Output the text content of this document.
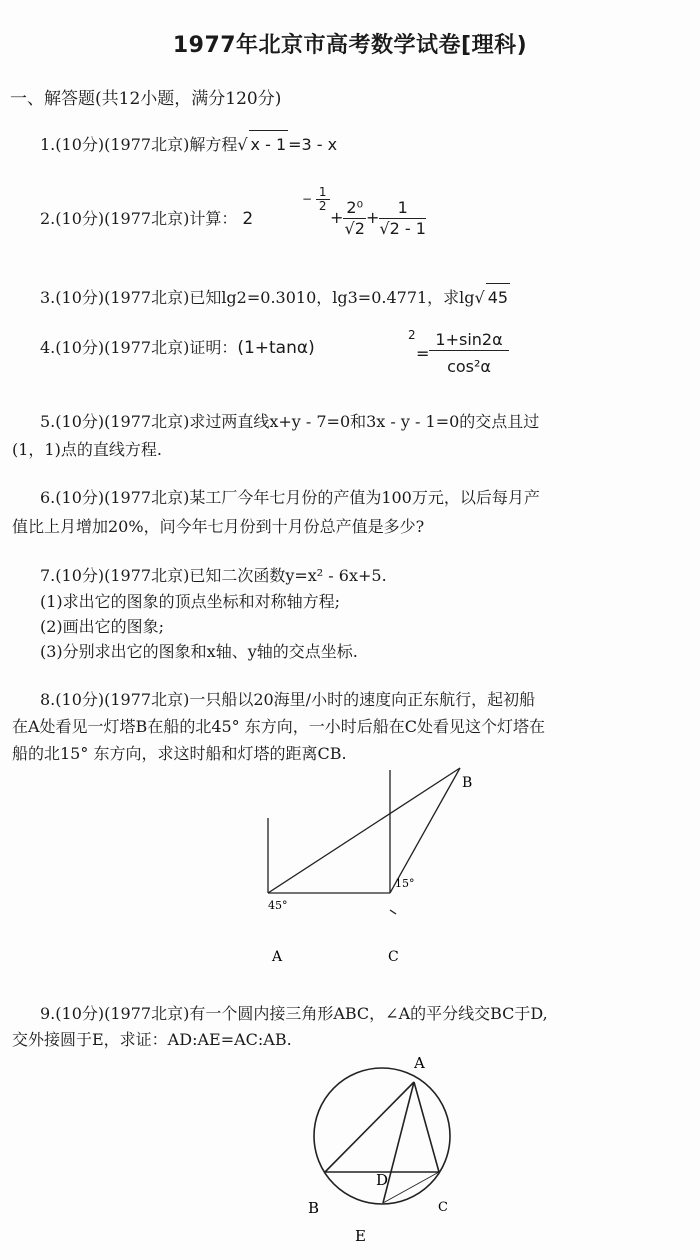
1977年北京市高考数学试卷[理科)
一、解答题(共12小题，满分120分)
1.(10分)(1977北京)解方程√ x - 1 =3 - x
2.(10分)(1977北京)计算： 2
− $\frac{1}{2}$
+ $\frac{\text{2⁰}}{√2} + \frac{1}{√2 - 1}$
3.(10分)(1977北京)已知lg2=0.3010，lg3=0.4771，求lg√ 45
4.(10分)(1977北京)证明：(1+tanα)
2
= $\frac{1+\sin 2\alpha}{\text{cos²α}}$
5.(10分)(1977北京)求过两直线x+y - 7=0和3x - y - 1=0的交点且过
(1，1)点的直线方程.
6.(10分)(1977北京)某工厂今年七月份的产值为100万元，以后每月产
值比上月增加20%，问今年七月份到十月份总产值是多少?
7.(10分)(1977北京)已知二次函数y=x² - 6x+5.
(1)求出它的图象的顶点坐标和对称轴方程;
(2)画出它的图象;
(3)分别求出它的图象和x轴、y轴的交点坐标.
8.(10分)(1977北京)一只船以20海里/小时的速度向正东航行，起初船
在A处看见一灯塔B在船的北45° 东方向，一小时后船在C处看见这个灯塔在
船的北15° 东方向，求这时船和灯塔的距离CB.
B
15°
45°
A	C
9.(10分)(1977北京)有一个圆内接三角形ABC，∠A的平分线交BC于D,
交外接圆于E，求证：AD:AE=AC:AB.
A
D
B	C
E
